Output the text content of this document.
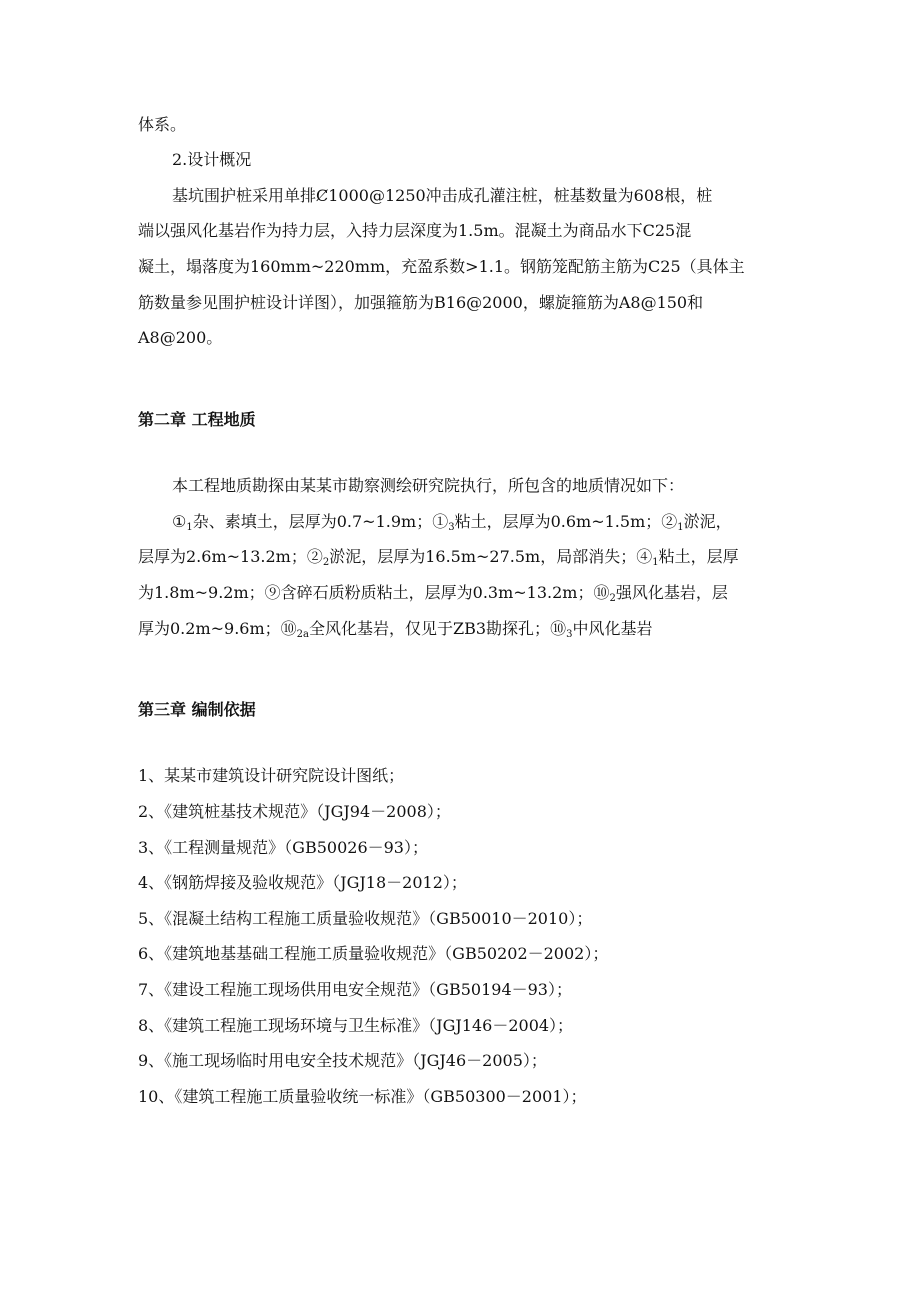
体系。
2.设计概况
基坑围护桩采用单排Ȼ1000@1250冲击成孔灌注桩，桩基数量为608根，桩
端以强风化基岩作为持力层，入持力层深度为1.5m。混凝土为商品水下C25混
凝土，塌落度为160mm~220mm，充盈系数>1.1。钢筋笼配筋主筋为C25（具体主
筋数量参见围护桩设计详图），加强箍筋为B16@2000，螺旋箍筋为A8@150和
A8@200。
第二章 工程地质
本工程地质勘探由某某市勘察测绘研究院执行，所包含的地质情况如下：
$①_1$杂、素填土，层厚为0.7~1.9m；$①_3$粘土，层厚为0.6m~1.5m；$②_1$淤泥，
层厚为2.6m~13.2m；$②_2$淤泥，层厚为16.5m~27.5m，局部消失；$④_1$粘土，层厚
为1.8m~9.2m；⑨含碎石质粉质粘土，层厚为0.3m~13.2m；$⑩_2$强风化基岩，层
厚为0.2m~9.6m；$⑩_{2a}$全风化基岩，仅见于ZB3勘探孔；$⑩_3$中风化基岩
第三章 编制依据
1、某某市建筑设计研究院设计图纸；
2、《建筑桩基技术规范》（JGJ94－2008）；
3、《工程测量规范》（GB50026－93）；
4、《钢筋焊接及验收规范》（JGJ18－2012）；
5、《混凝土结构工程施工质量验收规范》（GB50010－2010）；
6、《建筑地基基础工程施工质量验收规范》（GB50202－2002）；
7、《建设工程施工现场供用电安全规范》（GB50194－93）；
8、《建筑工程施工现场环境与卫生标准》（JGJ146－2004）；
9、《施工现场临时用电安全技术规范》（JGJ46－2005）；
10、《建筑工程施工质量验收统一标准》（GB50300－2001）；
